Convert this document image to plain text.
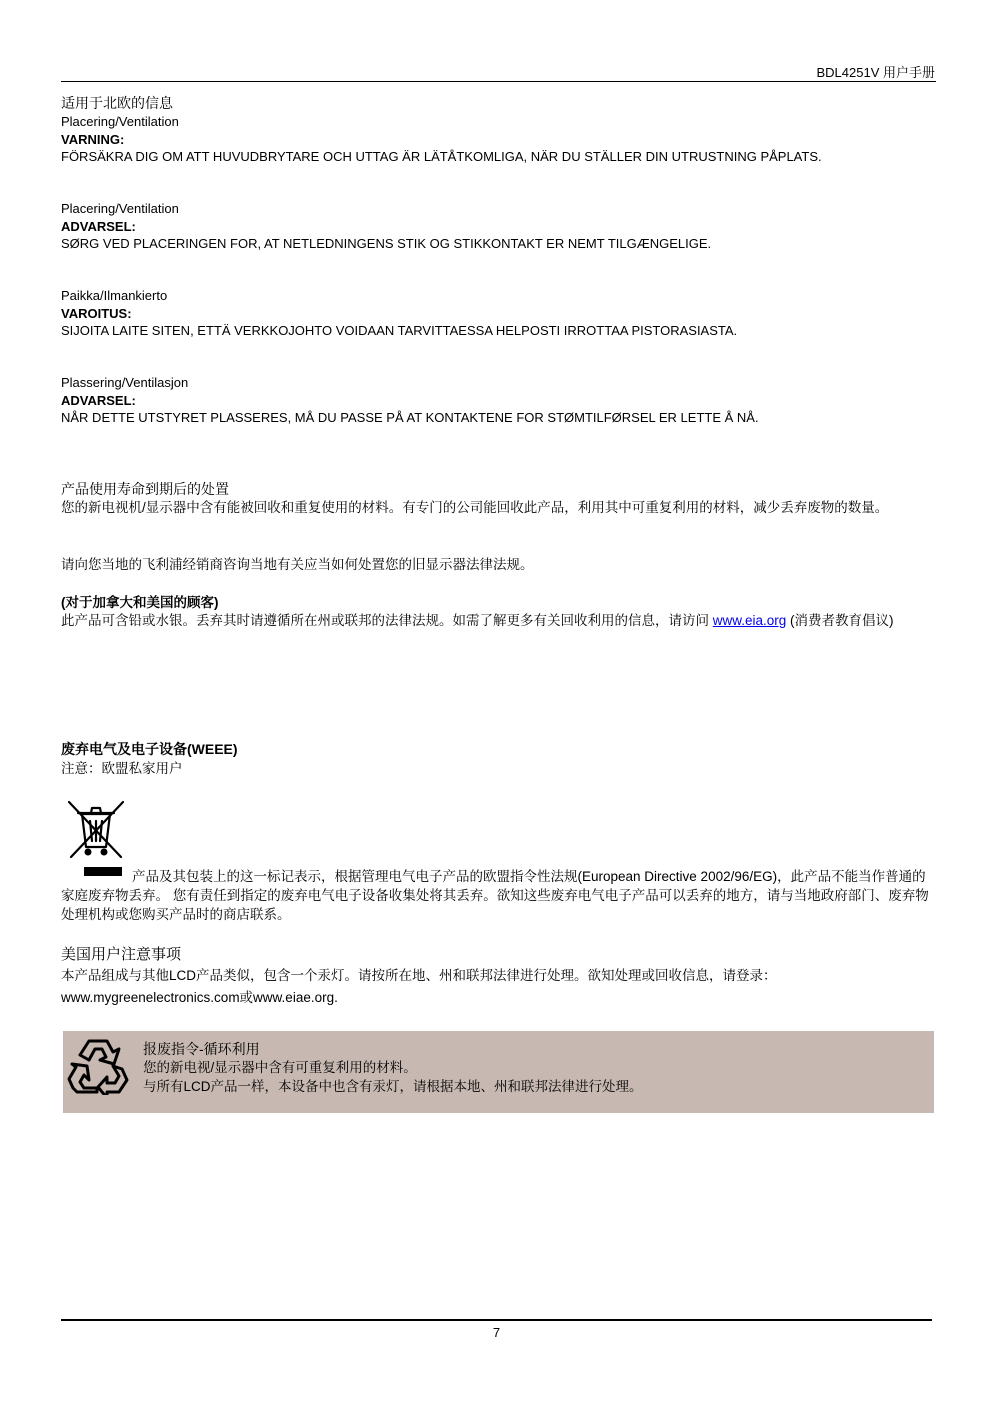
BDL4251V 用户手册
适用于北欧的信息
Placering/Ventilation
VARNING:
FÖRSÄKRA DIG OM ATT HUVUDBRYTARE OCH UTTAG ÄR LÄTÅTKOMLIGA, NÄR DU STÄLLER DIN UTRUSTNING PÅPLATS.
Placering/Ventilation
ADVARSEL:
SØRG VED PLACERINGEN FOR, AT NETLEDNINGENS STIK OG STIKKONTAKT ER NEMT TILGÆNGELIGE.
Paikka/Ilmankierto
VAROITUS:
SIJOITA LAITE SITEN, ETTÄ VERKKOJOHTO VOIDAAN TARVITTAESSA HELPOSTI IRROTTAA PISTORASIASTA.
Plassering/Ventilasjon
ADVARSEL:
NÅR DETTE UTSTYRET PLASSERES, MÅ DU PASSE PÅ AT KONTAKTENE FOR STØMTILFØRSEL ER LETTE Å NÅ.
产品使用寿命到期后的处置
您的新电视机/显示器中含有能被回收和重复使用的材料。有专门的公司能回收此产品，利用其中可重复利用的材料，减少丢弃废物的数量。
请向您当地的飞利浦经销商咨询当地有关应当如何处置您的旧显示器法律法规。
(对于加拿大和美国的顾客)
此产品可含铅或水银。丢弃其时请遵循所在州或联邦的法律法规。如需了解更多有关回收利用的信息，请访问 www.eia.org (消费者教育倡议)
废弃电气及电子设备(WEEE)
注意：欧盟私家用户
产品及其包装上的这一标记表示，根据管理电气电子产品的欧盟指令性法规(European Directive 2002/96/EG)，此产品不能当作普通的家庭废弃物丢弃。 您有责任到指定的废弃电气电子设备收集处将其丢弃。欲知这些废弃电气电子产品可以丢弃的地方，请与当地政府部门、废弃物处理机构或您购买产品时的商店联系。
美国用户注意事项
本产品组成与其他LCD产品类似，包含一个汞灯。请按所在地、州和联邦法律进行处理。欲知处理或回收信息，请登录：www.mygreenelectronics.com或www.eiae.org.
报废指令-循环利用
您的新电视/显示器中含有可重复利用的材料。
与所有LCD产品一样，本设备中也含有汞灯，请根据本地、州和联邦法律进行处理。
7
